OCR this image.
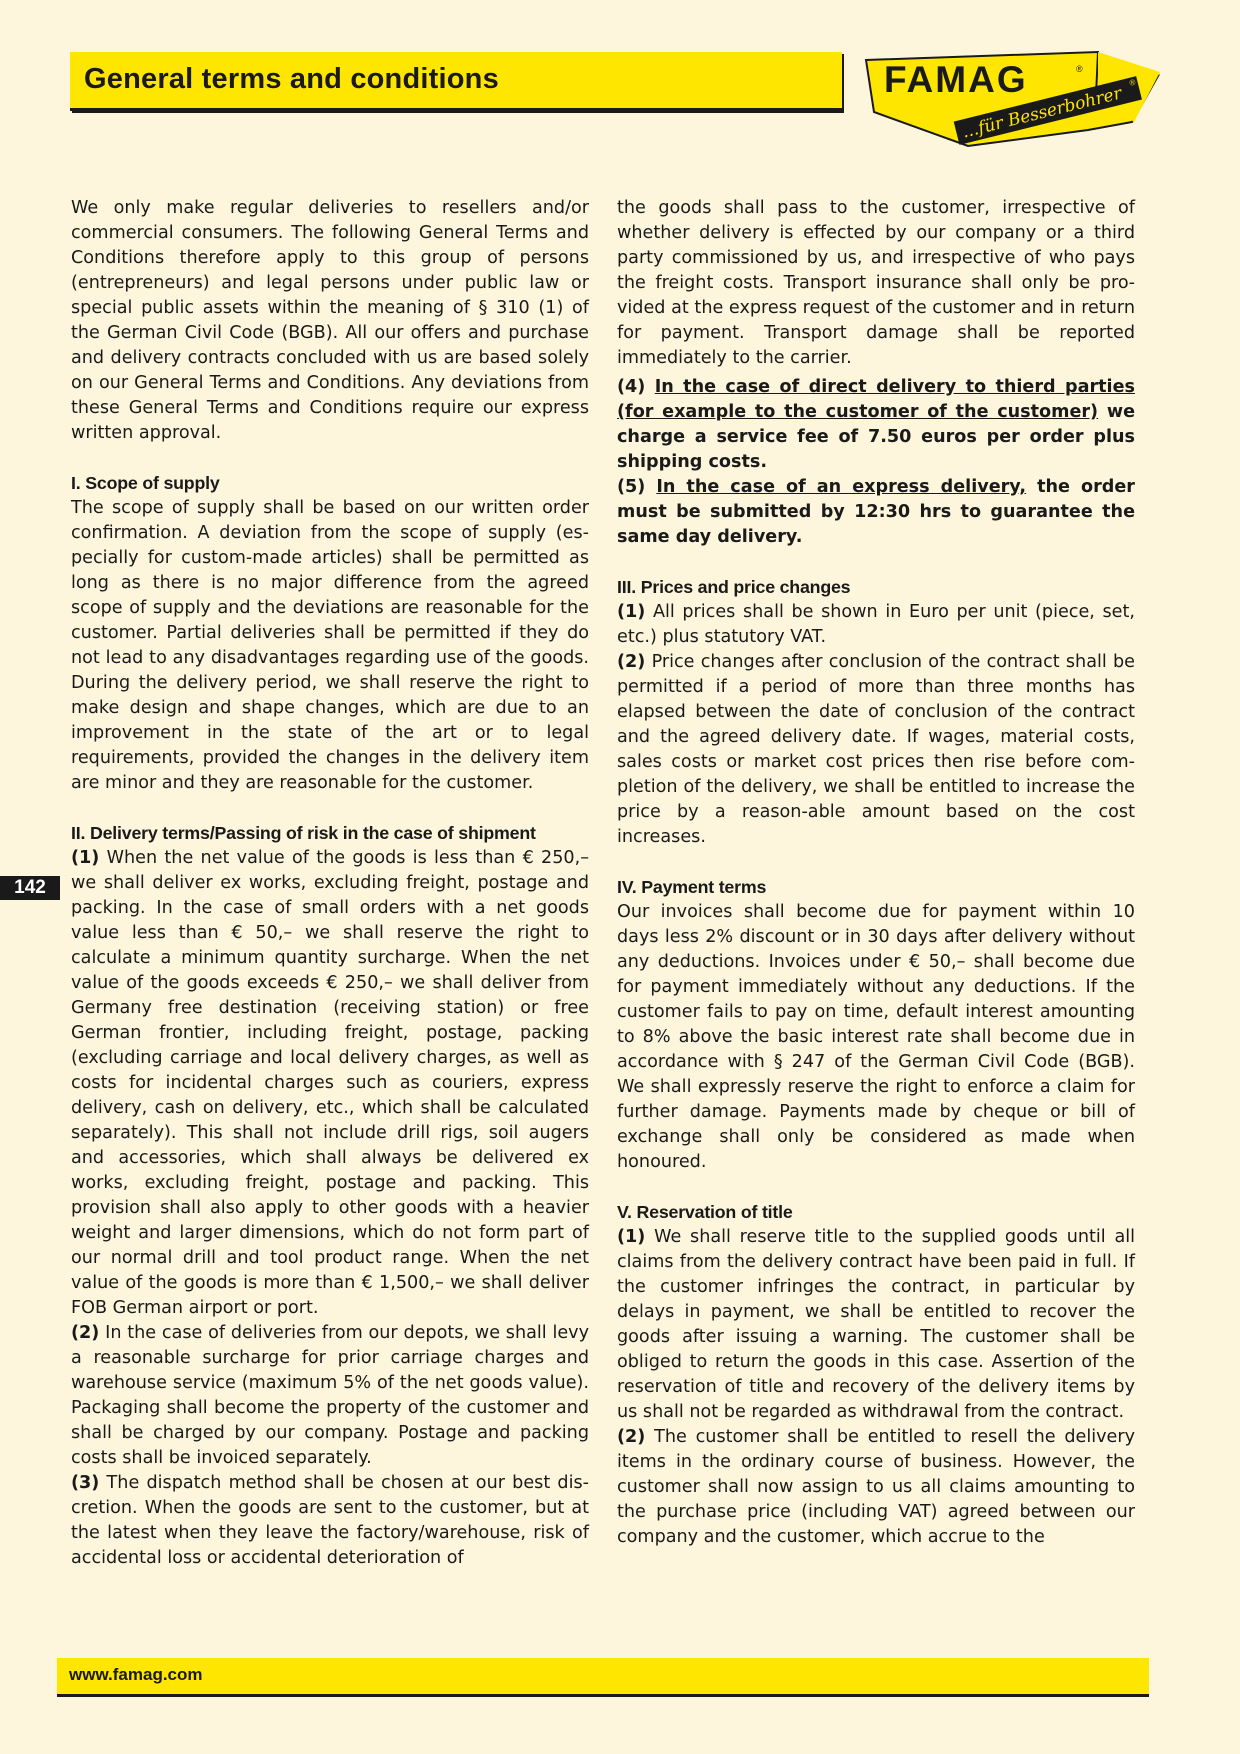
General terms and conditions	FAMAG	®
...für Besserbohrer
®
142

We only make regular deliveries to resellers and/or commercial consumers. The following General Terms and Conditions therefore apply to this group of persons (entrepreneurs) and legal persons under public law or special public assets within the meaning of § 310 (1) of the German Civil Code (BGB). All our offers and purchase and delivery contracts concluded with us are based solely on our General Terms and Conditions. Any deviations from these General Terms and Conditions require our express written approval.

I. Scope of supply

The scope of supply shall be based on our written order confirmation. A deviation from the scope of supply (especially for custom-made articles) shall be permitted as long as there is no major difference from the agreed scope of supply and the deviations are reasonable for the customer. Partial deliveries shall be permitted if they do not lead to any disadvantages regarding use of the goods. During the delivery period, we shall reserve the right to make design and shape changes, which are due to an improvement in the state of the art or to legal requirements, provided the changes in the delivery item are minor and they are reasonable for the customer.

II. Delivery terms/Passing of risk in the case of shipment

(1) When the net value of the goods is less than € 250,– we shall deliver ex works, excluding freight, postage and packing. In the case of small orders with a net goods value less than € 50,– we shall reserve the right to calculate a minimum quantity surcharge. When the net value of the goods exceeds € 250,– we shall deliver from Germany free destination (receiving station) or free German frontier, including freight, postage, packing (excluding carriage and local delivery charges, as well as costs for incidental charges such as couriers, express delivery, cash on delivery, etc., which shall be calculated separately). This shall not include drill rigs, soil augers and accessories, which shall always be delivered ex works, excluding freight, postage and packing. This provision shall also apply to other goods with a heavier weight and larger dimensions, which do not form part of our normal drill and tool product range. When the net value of the goods is more than € 1,500,– we shall deliver FOB German airport or port.

(2) In the case of deliveries from our depots, we shall levy a reasonable surcharge for prior carriage charges and warehouse service (maximum 5% of the net goods value). Packaging shall become the property of the customer and shall be charged by our company. Postage and packing costs shall be invoiced separately.

(3) The dispatch method shall be chosen at our best discretion. When the goods are sent to the customer, but at the latest when they leave the factory/warehouse, risk of accidental loss or accidental deterioration of

the goods shall pass to the customer, irrespective of whether delivery is effected by our company or a third party commissioned by us, and irrespective of who pays the freight costs. Transport insurance shall only be provided at the express request of the customer and in return for payment. Transport damage shall be reported immediately to the carrier.

(4) In the case of direct delivery to thierd parties (for example to the customer of the customer) we charge a service fee of 7.50 euros per order plus shipping costs.

(5) In the case of an express delivery, the order must be submitted by 12:30 hrs to guarantee the same day delivery.

III. Prices and price changes

(1) All prices shall be shown in Euro per unit (piece, set, etc.) plus statutory VAT.

(2) Price changes after conclusion of the contract shall be permitted if a period of more than three months has elapsed between the date of conclusion of the contract and the agreed delivery date. If wages, material costs, sales costs or market cost prices then rise before completion of the delivery, we shall be entitled to increase the price by a reason-able amount based on the cost increases.

IV. Payment terms

Our invoices shall become due for payment within 10 days less 2% discount or in 30 days after delivery without any deductions. Invoices under € 50,– shall become due for payment immediately without any deductions. If the customer fails to pay on time, default interest amounting to 8% above the basic interest rate shall become due in accordance with § 247 of the German Civil Code (BGB). We shall expressly reserve the right to enforce a claim for further damage. Payments made by cheque or bill of exchange shall only be considered as made when honoured.

V. Reservation of title

(1) We shall reserve title to the supplied goods until all claims from the delivery contract have been paid in full. If the customer infringes the contract, in particular by delays in payment, we shall be entitled to recover the goods after issuing a warning. The customer shall be obliged to return the goods in this case. Assertion of the reservation of title and recovery of the delivery items by us shall not be regarded as withdrawal from the contract.

(2) The customer shall be entitled to resell the delivery items in the ordinary course of business. However, the customer shall now assign to us all claims amounting to the purchase price (including VAT) agreed between our company and the customer, which accrue to the

www.famag.com
